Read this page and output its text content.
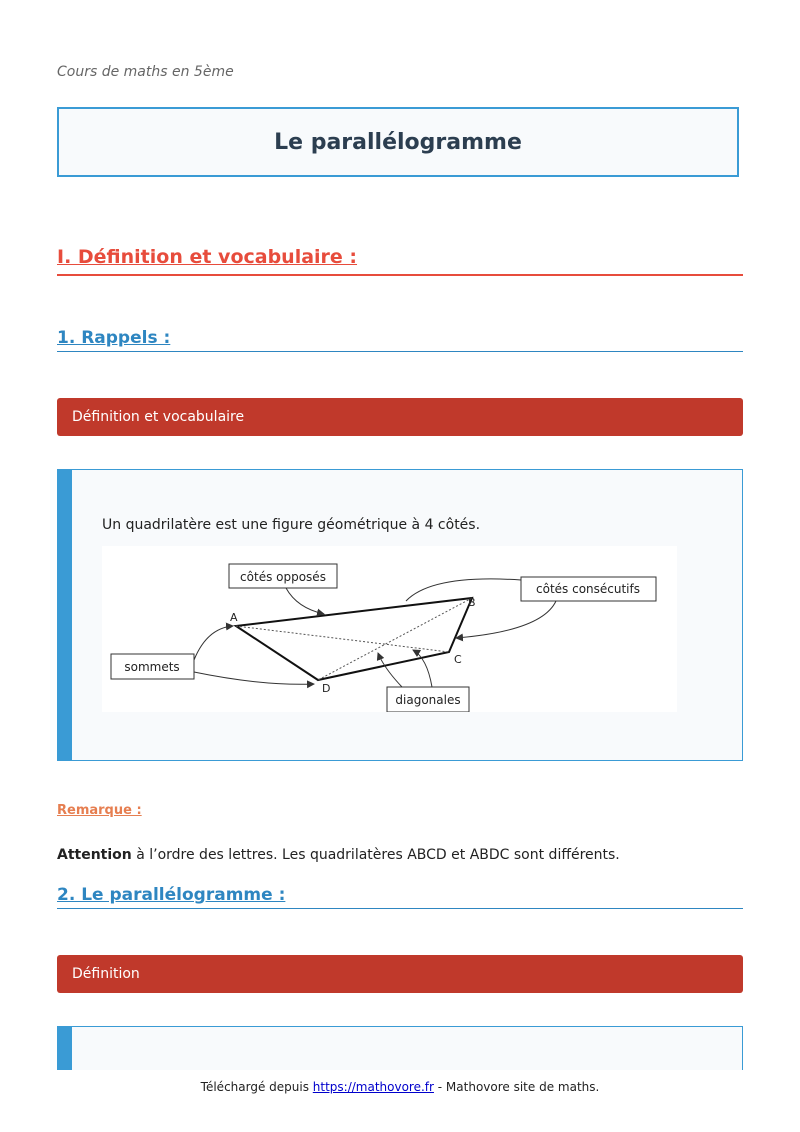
Cours de maths en 5ème
Le parallélogramme
I. Définition et vocabulaire :
1. Rappels :
Définition et vocabulaire
Un quadrilatère est une figure géométrique à 4 côtés.
côtés opposés
côtés consécutifs
sommets
diagonales
A
B
C
D
Remarque :
Attention à l’ordre des lettres. Les quadrilatères ABCD et ABDC sont différents.
2. Le parallélogramme :
Définition
Téléchargé depuis https://mathovore.fr - Mathovore site de maths.
